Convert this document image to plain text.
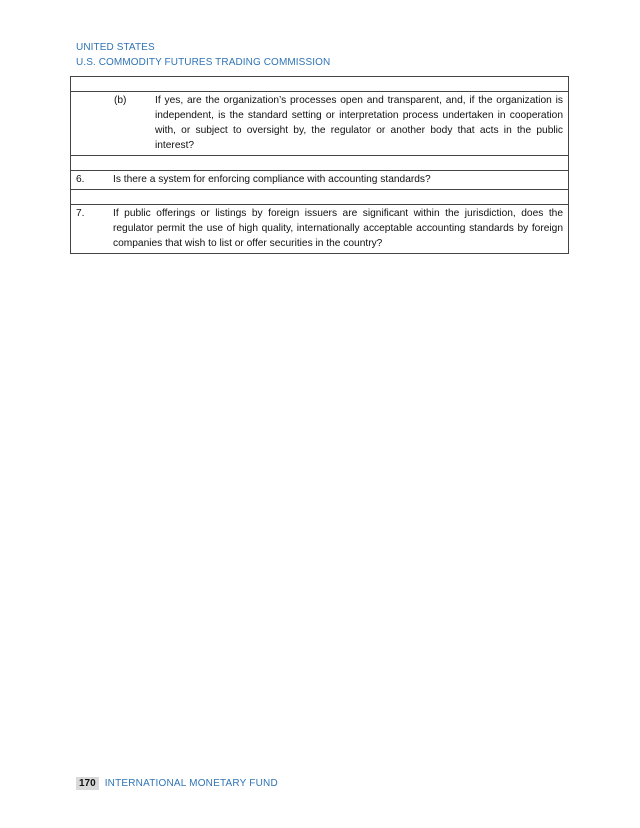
UNITED STATES
U.S. COMMODITY FUTURES TRADING COMMISSION
(b)	If yes, are the organization’s processes open and transparent, and, if the organization is independent, is the standard setting or interpretation process undertaken in cooperation with, or subject to oversight by, the regulator or another body that acts in the public interest?
6.	Is there a system for enforcing compliance with accounting standards?
7.	If public offerings or listings by foreign issuers are significant within the jurisdiction, does the regulator permit the use of high quality, internationally acceptable accounting standards by foreign companies that wish to list or offer securities in the country?
170 INTERNATIONAL MONETARY FUND
